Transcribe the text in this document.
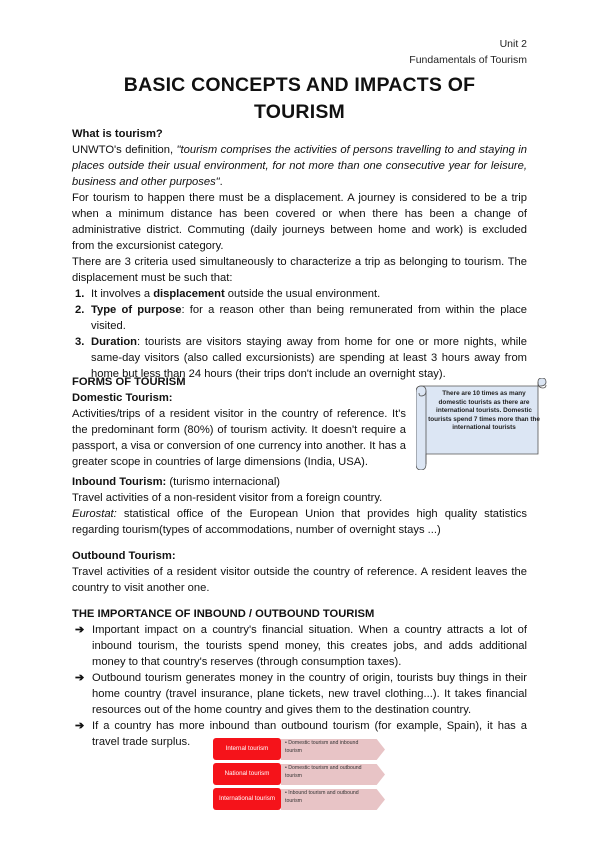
Unit 2
Fundamentals of Tourism
BASIC CONCEPTS AND IMPACTS OF
TOURISM
What is tourism?
UNWTO's definition, "tourism comprises the activities of persons travelling to and staying in places outside their usual environment, for not more than one consecutive year for leisure, business and other purposes".
For tourism to happen there must be a displacement. A journey is considered to be a trip when a minimum distance has been covered or when there has been a change of administrative district. Commuting (daily journeys between home and work) is excluded from the excursionist category.
There are 3 criteria used simultaneously to characterize a trip as belonging to tourism. The displacement must be such that:
1. It involves a displacement outside the usual environment.
2. Type of purpose: for a reason other than being remunerated from within the place visited.
3. Duration: tourists are visitors staying away from home for one or more nights, while same-day visitors (also called excursionists) are spending at least 3 hours away from home but less than 24 hours (their trips don't include an overnight stay).
FORMS OF TOURISM
Domestic Tourism:
Activities/trips of a resident visitor in the country of reference. It's the predominant form (80%) of tourism activity. It doesn't require a passport, a visa or conversion of one currency into another. It has a greater scope in countries of large dimensions (India, USA).
There are 10 times as many domestic tourists as there are international tourists. Domestic tourists spend 7 times more than the international tourists
Inbound Tourism: (turismo internacional)
Travel activities of a non-resident visitor from a foreign country.
Eurostat: statistical office of the European Union that provides high quality statistics regarding tourism(types of accommodations, number of overnight stays ...)
Outbound Tourism:
Travel activities of a resident visitor outside the country of reference. A resident leaves the country to visit another one.
THE IMPORTANCE OF INBOUND / OUTBOUND TOURISM
➔ Important impact on a country's financial situation. When a country attracts a lot of inbound tourism, the tourists spend money, this creates jobs, and adds additional money to that country's reserves (through consumption taxes).
➔ Outbound tourism generates money in the country of origin, tourists buy things in their home country (travel insurance, plane tickets, new travel clothing...). It takes financial resources out of the home country and gives them to the destination country.
➔ If a country has more inbound than outbound tourism (for example, Spain), it has a travel trade surplus.
Internal tourism
• Domestic tourism and inbound tourism
National tourism
• Domestic tourism and outbound tourism
International tourism
• Inbound tourism and outbound tourism
